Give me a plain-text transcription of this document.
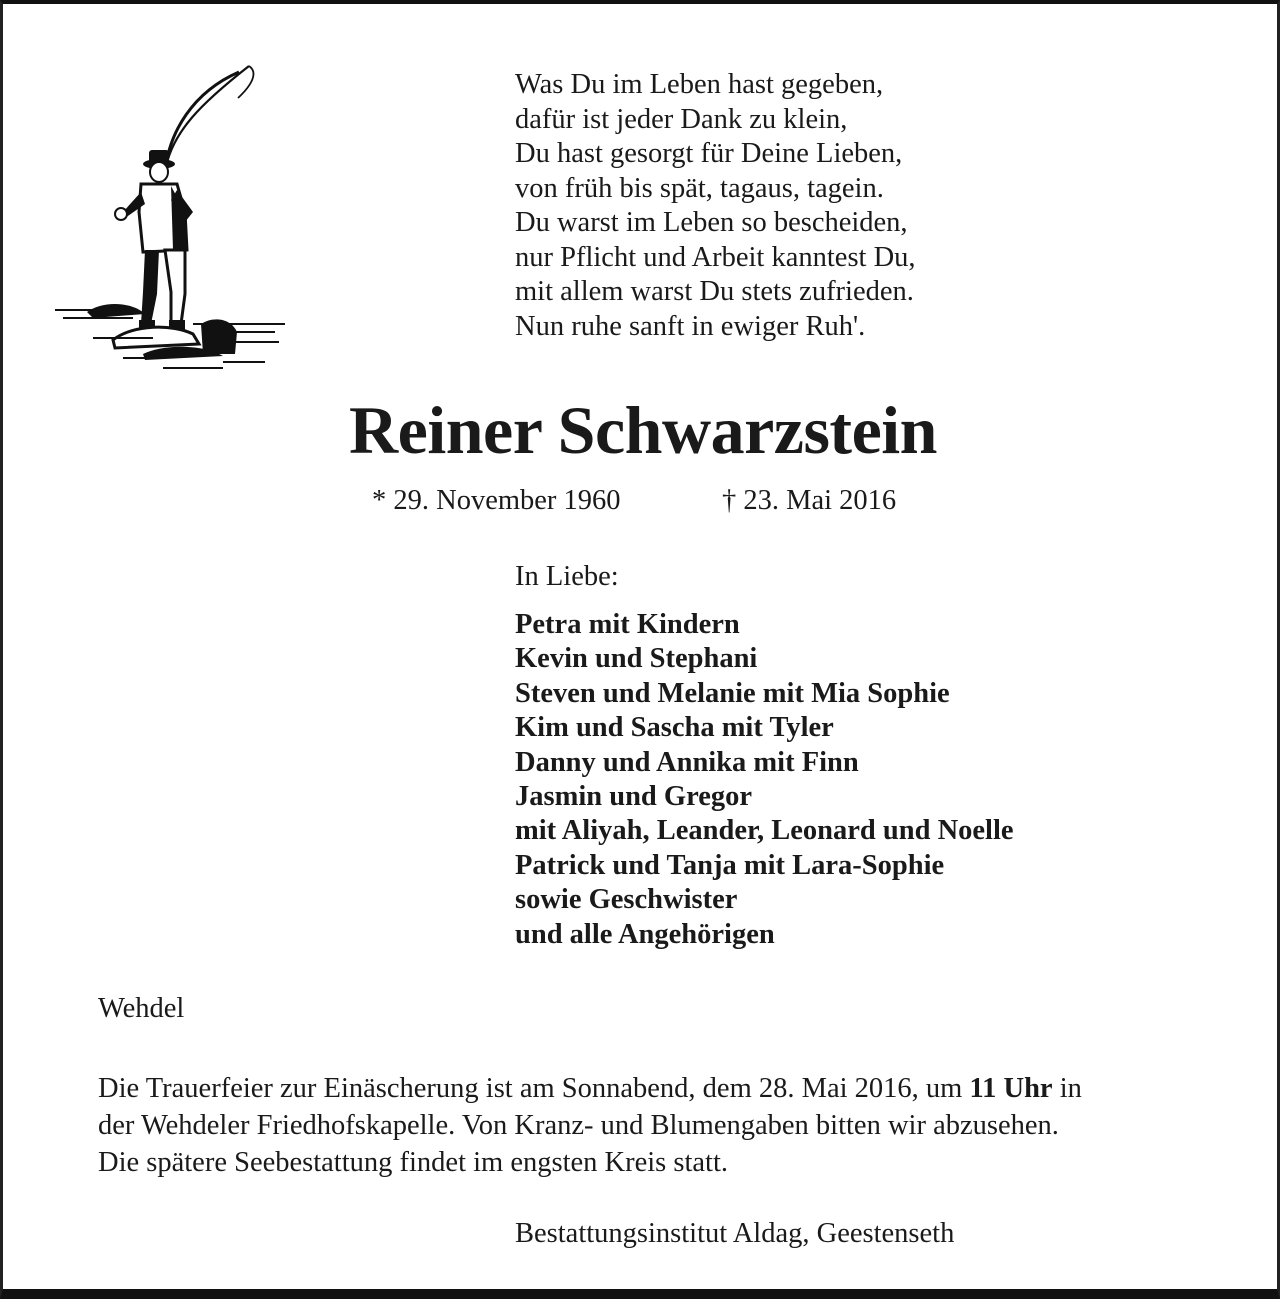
Was Du im Leben hast gegeben,
dafür ist jeder Dank zu klein,
Du hast gesorgt für Deine Lieben,
von früh bis spät, tagaus, tagein.
Du warst im Leben so bescheiden,
nur Pflicht und Arbeit kanntest Du,
mit allem warst Du stets zufrieden.
Nun ruhe sanft in ewiger Ruh'.
Reiner Schwarzstein
* 29. November 1960	† 23. Mai 2016
In Liebe:
Petra mit Kindern
Kevin und Stephani
Steven und Melanie mit Mia Sophie
Kim und Sascha mit Tyler
Danny und Annika mit Finn
Jasmin und Gregor
mit Aliyah, Leander, Leonard und Noelle
Patrick und Tanja mit Lara-Sophie
sowie Geschwister
und alle Angehörigen
Wehdel
Die Trauerfeier zur Einäscherung ist am Sonnabend, dem 28. Mai 2016, um 11 Uhr in
der Wehdeler Friedhofskapelle. Von Kranz- und Blumengaben bitten wir abzusehen.
Die spätere Seebestattung findet im engsten Kreis statt.
Bestattungsinstitut Aldag, Geestenseth
